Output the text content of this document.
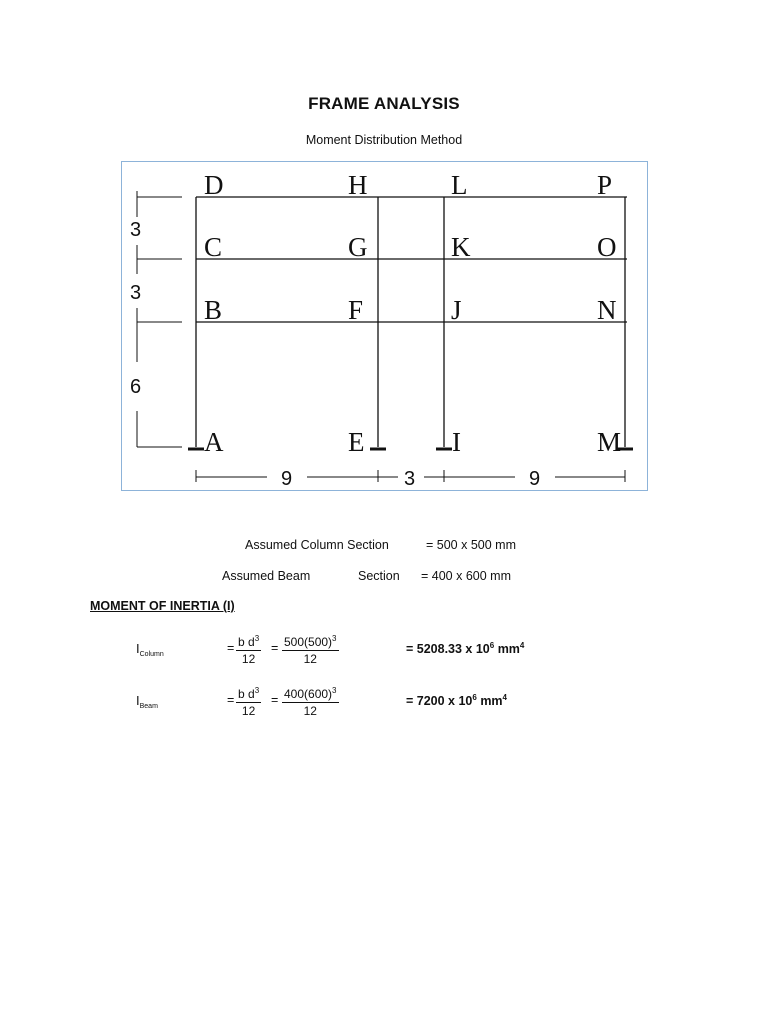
FRAME ANALYSIS
Moment Distribution Method
D	H	L	P
C	G	K	O
B	F	J	N
A	E	I	M
3
3
6
9	3	9
Assumed Column Section	= 500 x 500 mm
Assumed Beam	Section = 400 x 600 mm
MOMENT OF INERTIA (I)
$I_{Column}$	= $\frac{b d^3}{12} = \frac{500(500)^3}{12}$	= 5208.33 x $10^6$ $mm^4$
$I_{Beam}$	= $\frac{b d^3}{12} = \frac{400(600)^3}{12}$	= 7200 x $10^6$ $mm^4$
